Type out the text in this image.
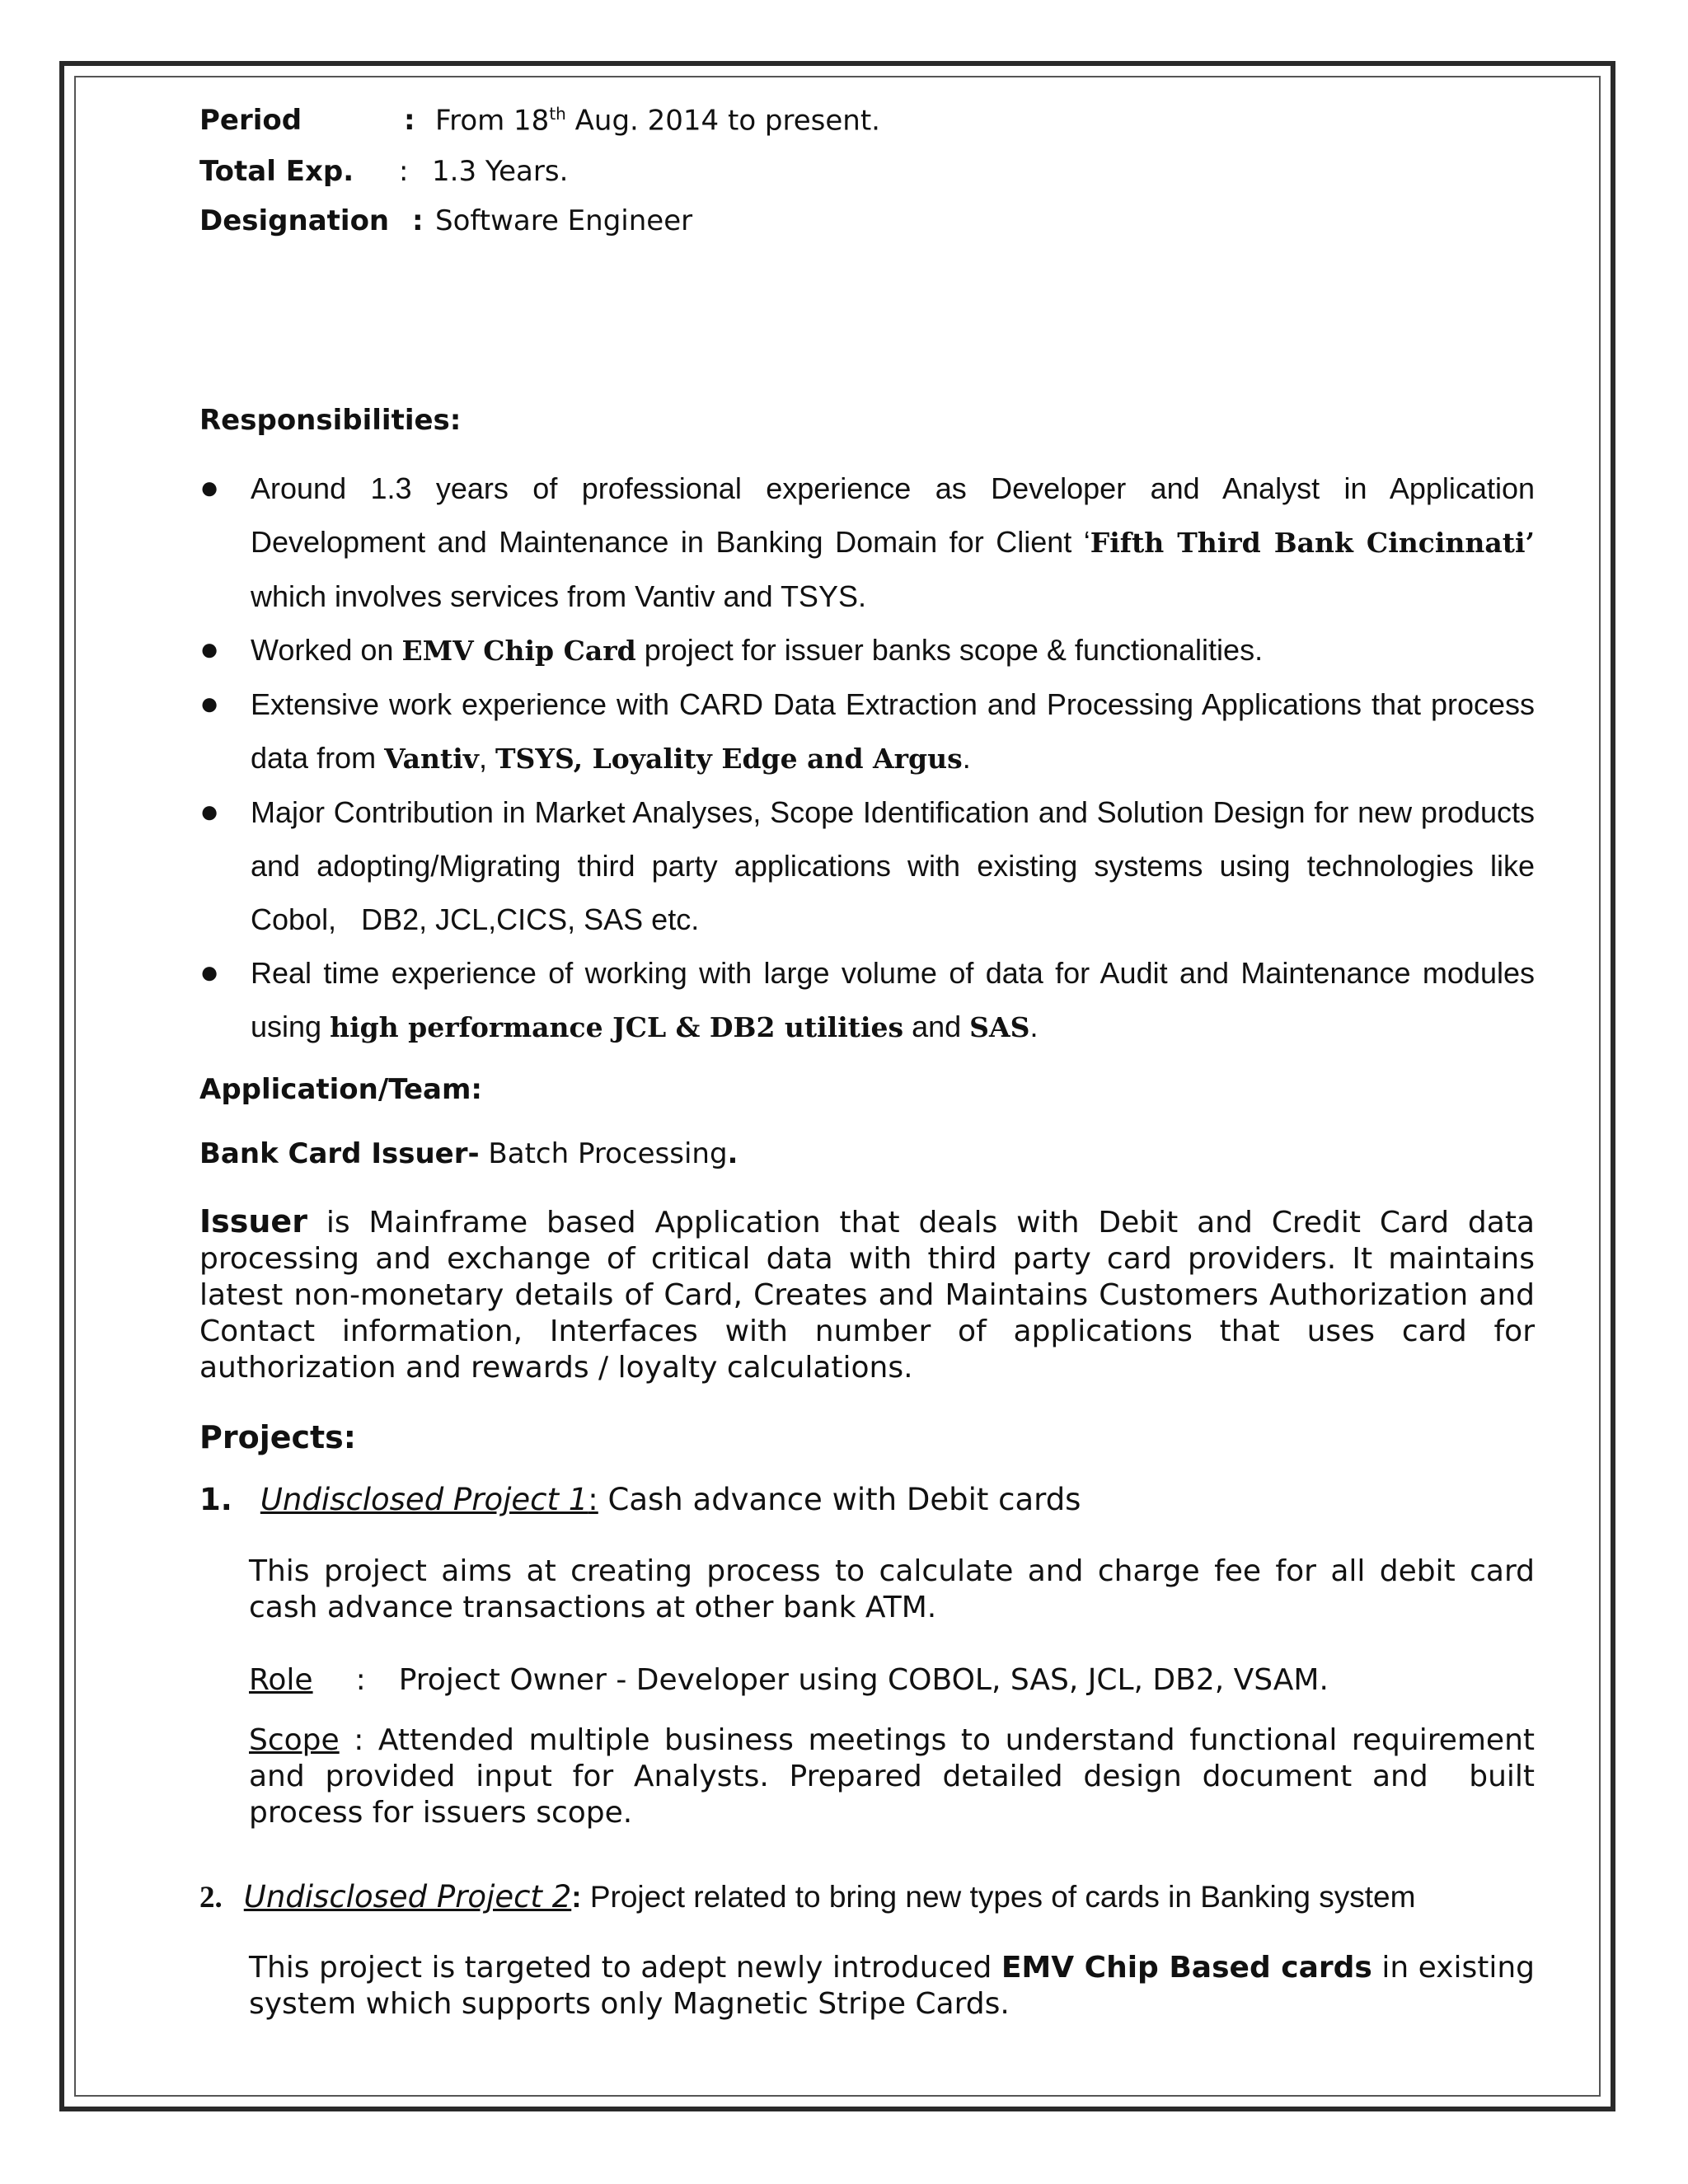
Period	: From 18th Aug. 2014 to present.
Total Exp. : 1.3 Years.
Designation : Software Engineer
Responsibilities:

● Around 1.3 years of professional experience as Developer and Analyst in Application Development and Maintenance in Banking Domain for Client ‘Fifth Third Bank Cincinnati’ which involves services from Vantiv and TSYS.

● Worked on EMV Chip Card project for issuer banks scope & functionalities.

● Extensive work experience with CARD Data Extraction and Processing Applications that process data from Vantiv, TSYS, Loyality Edge and Argus.

● Major Contribution in Market Analyses, Scope Identification and Solution Design for new products and adopting/Migrating third party applications with existing systems using technologies like Cobol,   DB2, JCL,CICS, SAS etc.

● Real time experience of working with large volume of data for Audit and Maintenance modules using high performance JCL & DB2 utilities and SAS.

Application/Team:
Bank Card Issuer- Batch Processing.
Issuer is Mainframe based Application that deals with Debit and Credit Card data processing and exchange of critical data with third party card providers. It maintains latest non-monetary details of Card, Creates and Maintains Customers Authorization and Contact information, Interfaces with number of applications that uses card for authorization and rewards / loyalty calculations.
Projects:
1. Undisclosed Project 1: Cash advance with Debit cards
This project aims at creating process to calculate and charge fee for all debit card cash advance transactions at other bank ATM.
Role : Project Owner - Developer using COBOL, SAS, JCL, DB2, VSAM.
Scope : Attended multiple business meetings to understand functional requirement and provided input for Analysts. Prepared detailed design document and  built process for issuers scope.
2. Undisclosed Project 2: Project related to bring new types of cards in Banking system
This project is targeted to adept newly introduced EMV Chip Based cards in existing system which supports only Magnetic Stripe Cards.
